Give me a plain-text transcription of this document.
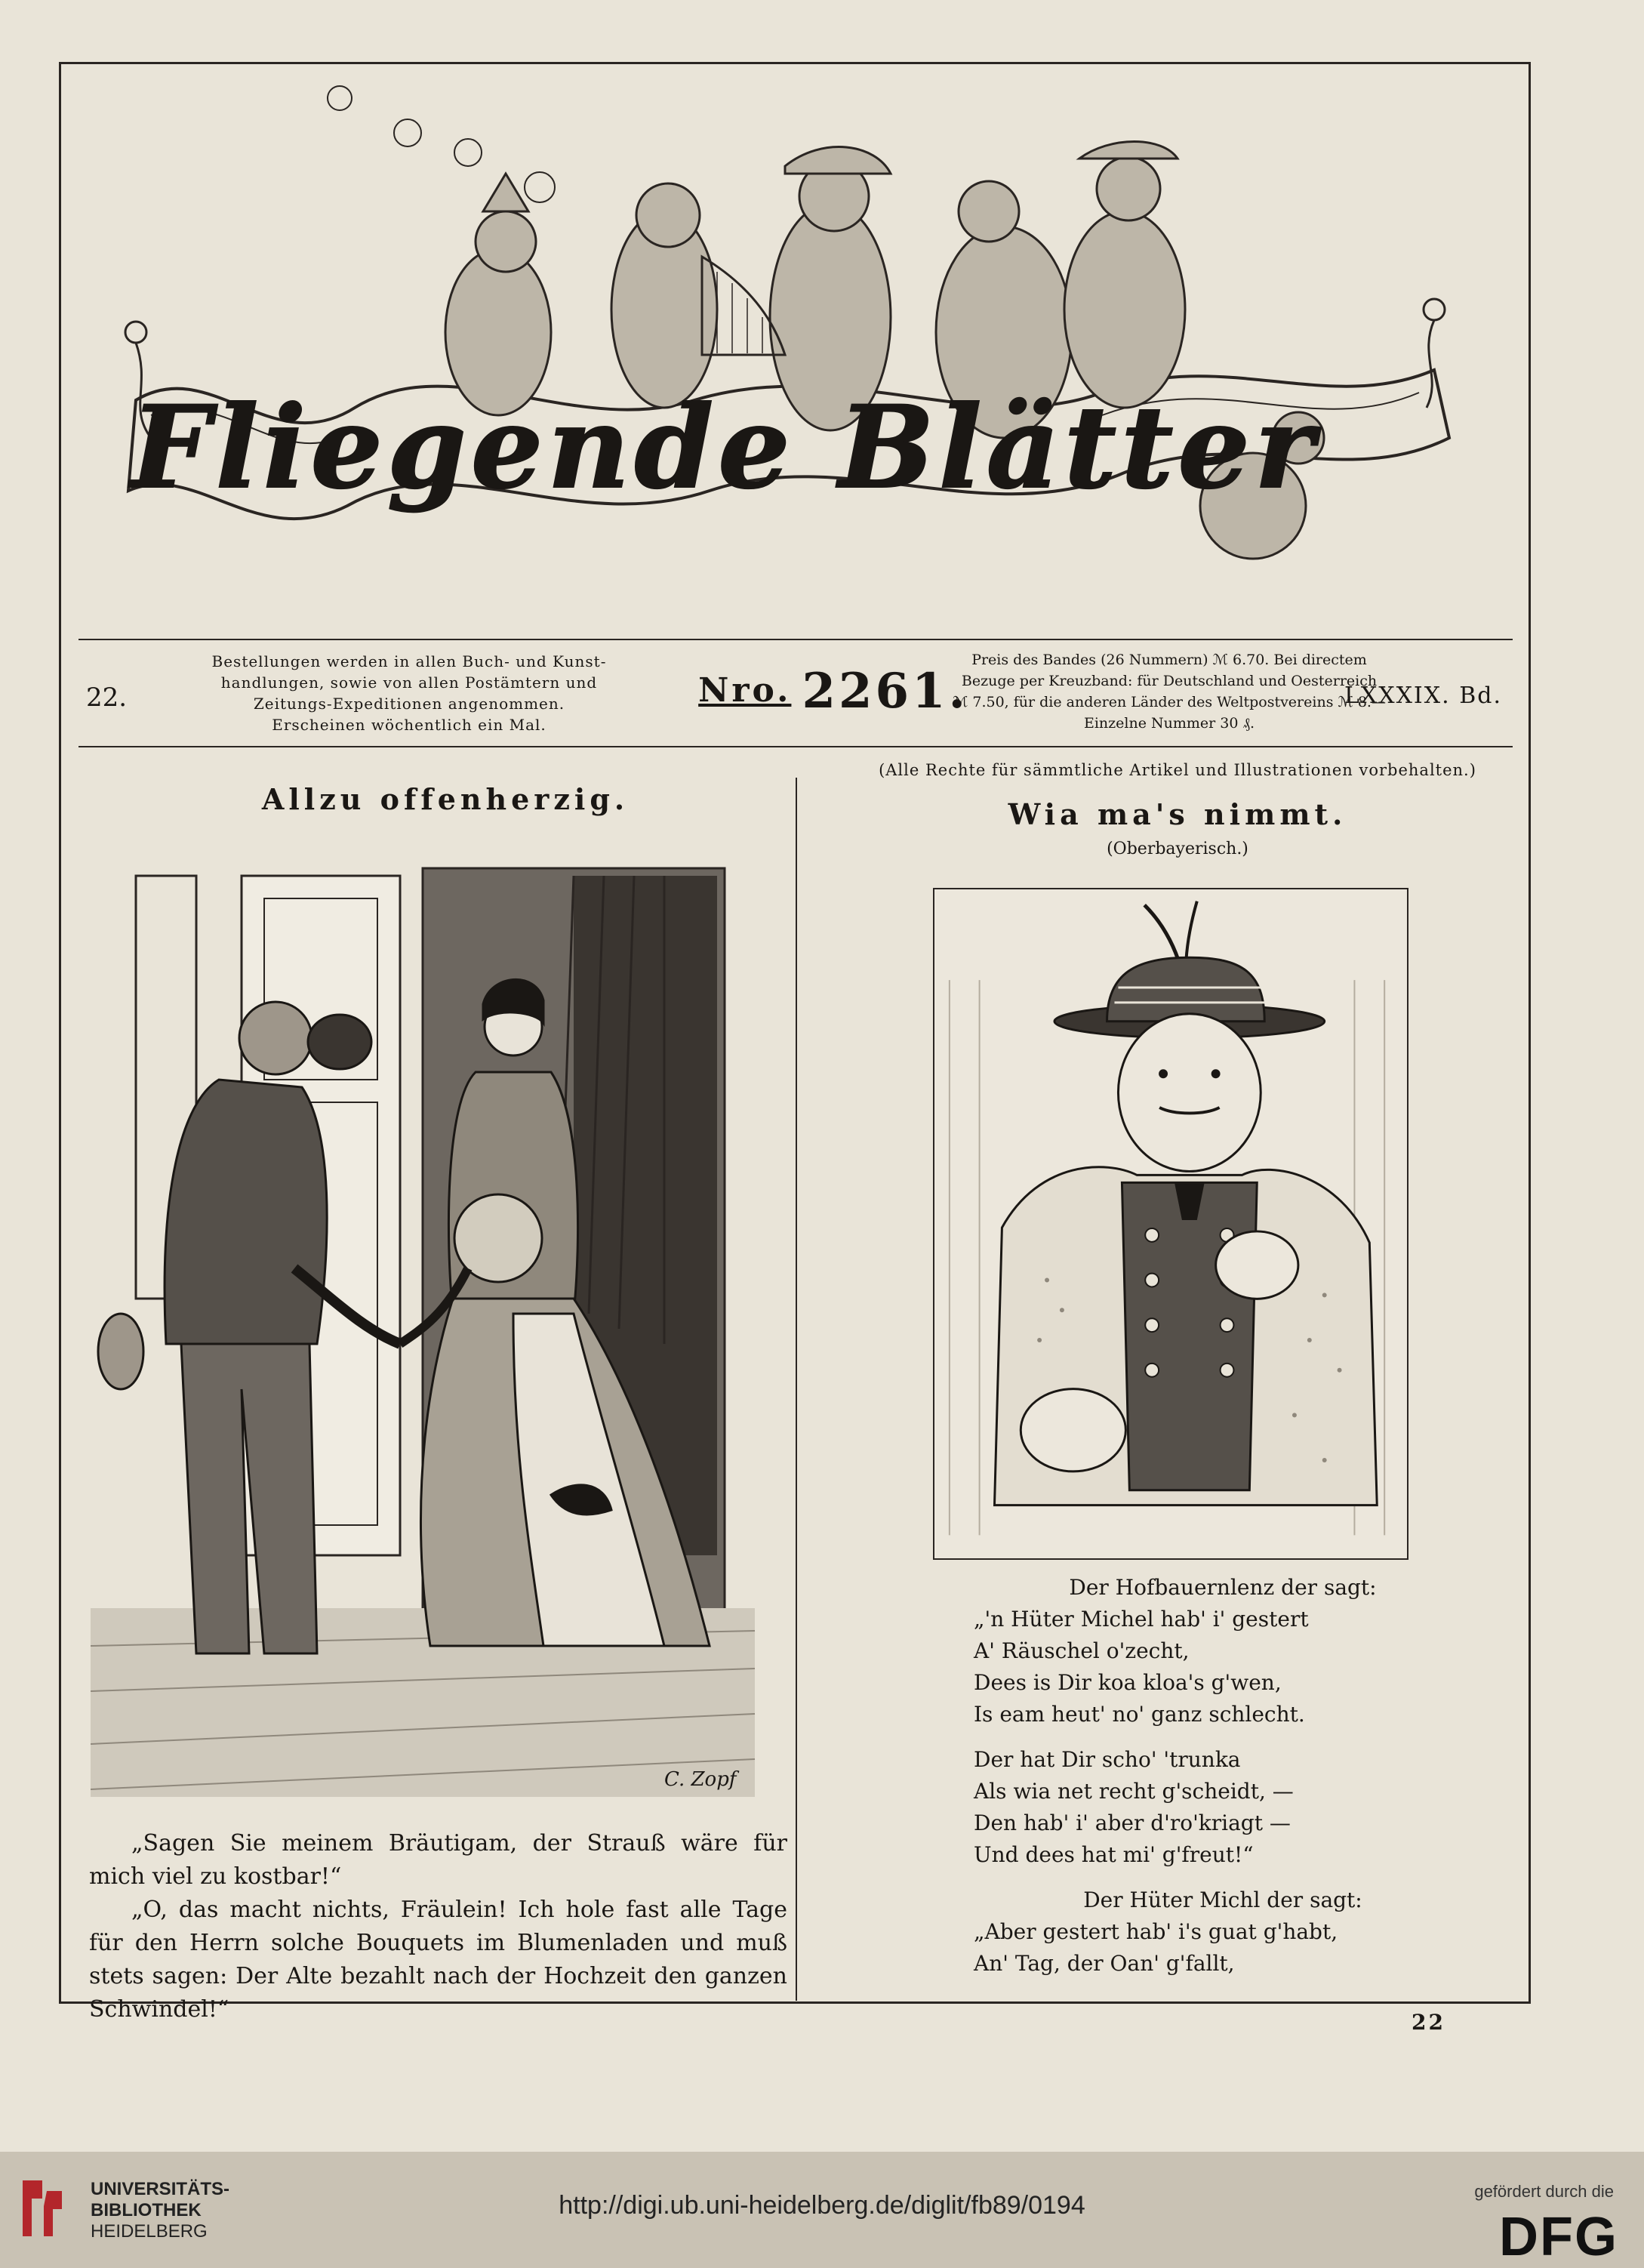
Fliegende Blätter
22.
Bestellungen werden in allen Buch- und Kunst-
handlungen, sowie von allen Postämtern und
Zeitungs-Expeditionen angenommen.
Erscheinen wöchentlich ein Mal.
Nro. 2261.
Preis des Bandes (26 Nummern) ℳ 6.70. Bei directem
Bezuge per Kreuzband: für Deutschland und Oesterreich
ℳ 7.50, für die anderen Länder des Weltpostvereins ℳ 8.—
Einzelne Nummer 30 ₰.
LXXXIX. Bd.
(Alle Rechte für sämmtliche Artikel und Illustrationen vorbehalten.)
Allzu offenherzig.
C. Zopf

„Sagen Sie meinem Bräutigam, der Strauß wäre für mich viel zu kostbar!“

„O, das macht nichts, Fräulein! Ich hole fast alle Tage für den Herrn solche Bouquets im Blumenladen und muß stets sagen: Der Alte bezahlt nach der Hochzeit den ganzen Schwindel!“

Wia ma's nimmt.
(Oberbayerisch.)

Der Hofbauernlenz der sagt:

„'n Hüter Michel hab' i' gestert

A' Räuschel o'zecht,

Dees is Dir koa kloa's g'wen,

Is eam heut' no' ganz schlecht.

Der hat Dir scho' 'trunka

Als wia net recht g'scheidt, —

Den hab' i' aber d'ro'kriagt —

Und dees hat mi' g'freut!“

Der Hüter Michl der sagt:

„Aber gestert hab' i's guat g'habt,

An' Tag, der Oan' g'fallt,

22
UNIVERSITÄTS-
BIBLIOTHEK
HEIDELBERG
http://digi.ub.uni-heidelberg.de/diglit/fb89/0194	gefördert durch die
DFG
